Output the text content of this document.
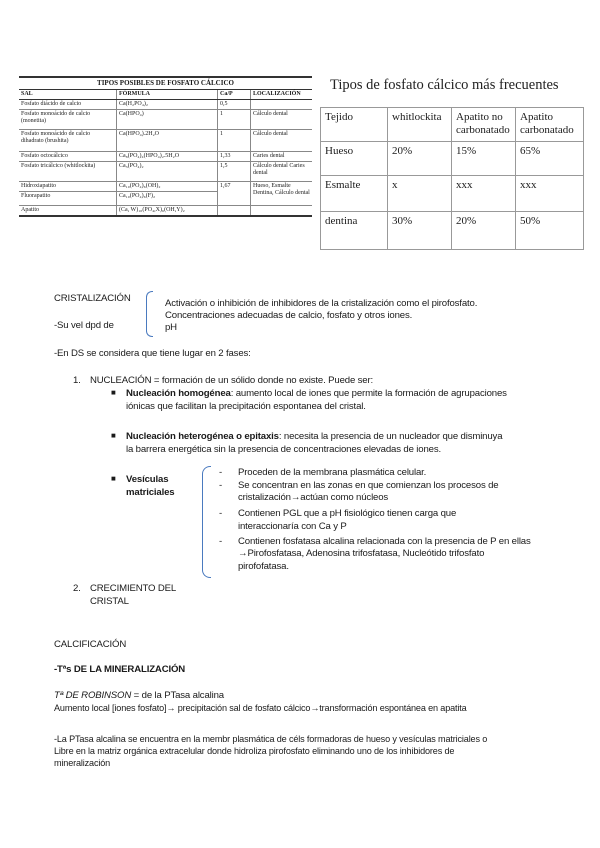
TIPOS POSIBLES DE FOSFATO CÁLCICO			
SAL	FÓRMULA	Ca/P	LOCALIZACIÓN
Fosfato diácido de calcio	Ca(H₂PO₄)₂	0,5	
Fosfato monoácido de calcio (monetita)	Ca(HPO₄)	1	Cálculo dental
Fosfato monoácido de calcio dihadrato (brushita)	Ca(HPO₄).2H₂O	1	Cálculo dental
Fosfato octocálcico	Ca₈(PO₄)₄(HPO₄)₂.5H₂O	1,33	Caries dental
Fosfato tricálcico (whitlockita)	Ca₃(PO₄)₂	1,5	Cálculo dental Caries dental
Hidroxiapatito	Ca₁₀(PO₄)₆(OH)₂	1,67	Hueso, Esmalte Dentina, Cálculo dental
Fluorapatito	Ca₁₀(PO₄)₆(F)₂		
Apatito	(Ca, W)₁₀(PO₄,X)₆(OH,Y)₂		
Tipos de fosfato cálcico más frecuentes
Tejido	whitlockita	Apatito no carbonatado	Apatito carbonatado
Hueso	20%	15%	65%
Esmalte	x	xxx	xxx
dentina	30%	20%	50%
CRISTALIZACIÓN	Activación o inhibición de inhibidores de la cristalización como el pirofosfato.
Concentraciones adecuadas de calcio, fosfato y otros iones.
pH
-Su vel dpd de
-En DS se considera que tiene lugar en 2 fases:
1. NUCLEACIÓN = formación de un sólido donde no existe. Puede ser:
■ Nucleación homogénea: aumento local de iones que permite la formación de agrupaciones
iónicas que facilitan la precipitación espontanea del cristal.
■ Nucleación heterogénea o epitaxis: necesita la presencia de un nucleador que disminuya
la barrera energética sin la presencia de concentraciones elevadas de iones.
■ Vesículas
matriciales
- Proceden de la membrana plasmática celular.
- Se concentran en las zonas en que comienzan los procesos de
cristalización→actúan como núcleos
- Contienen PGL que a pH fisiológico tienen carga que
interaccionaría con Ca y P
- Contienen fosfatasa alcalina relacionada con la presencia de P en ellas
→Pirofosfatasa, Adenosina trifosfatasa, Nucleótido trifosfato
pirofofatasa.
2. CRECIMIENTO DEL
CRISTAL
CALCIFICACIÓN
-Tªs DE LA MINERALIZACIÓN
Tª DE ROBINSON = de la PTasa alcalina
Aumento local [iones fosfato]→ precipitación sal de fosfato cálcico→transformación espontánea en apatita
-La PTasa alcalina se encuentra en la membr plasmática de céls formadoras de hueso y vesículas matriciales o
Libre en la matriz orgánica extracelular donde hidroliza pirofosfato eliminando uno de los inhibidores de
mineralización
